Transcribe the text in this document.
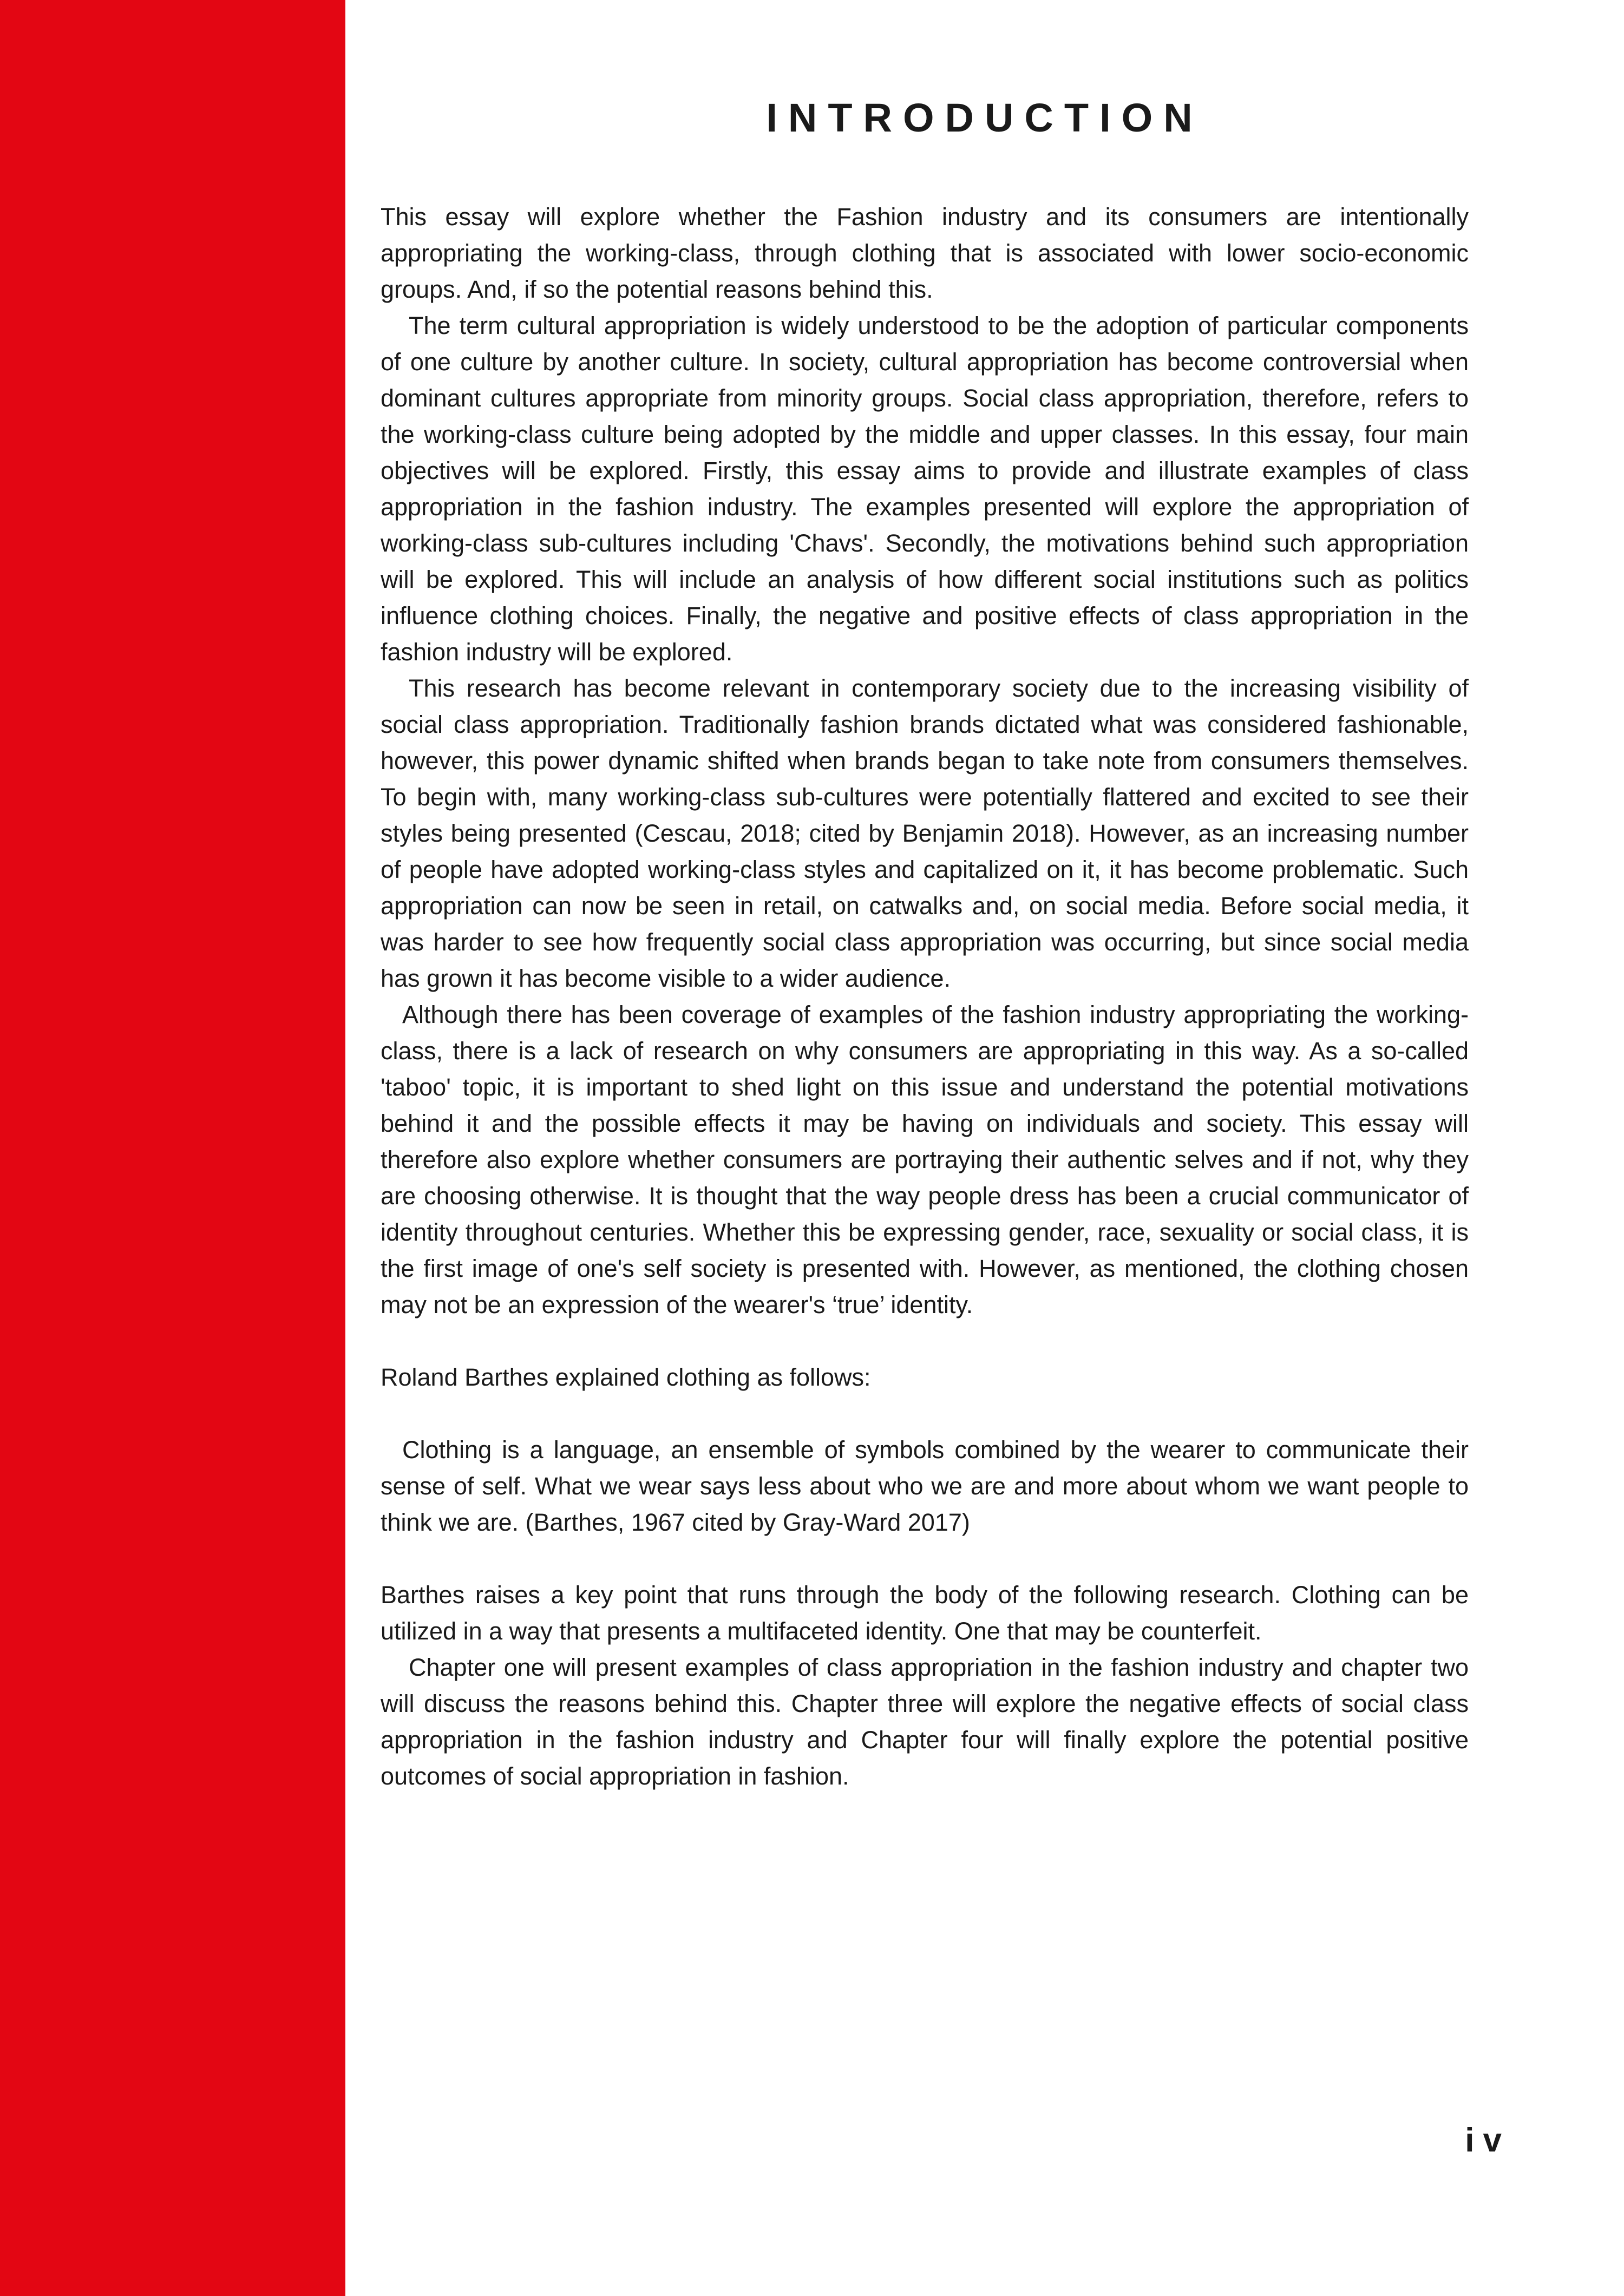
INTRODUCTION

This essay will explore whether the Fashion industry and its consumers are intentionally appropriating the working-class, through clothing that is associated with lower socio-economic groups. And, if so the potential reasons behind this.

The term cultural appropriation is widely understood to be the adoption of particular components of one culture by another culture. In society, cultural appropriation has become controversial when dominant cultures appropriate from minority groups. Social class appropriation, therefore, refers to the working-class culture being adopted by the middle and upper classes. In this essay, four main objectives will be explored. Firstly, this essay aims to provide and illustrate examples of class appropriation in the fashion industry. The examples presented will explore the appropriation of working-class sub-cultures including 'Chavs'. Secondly, the motivations behind such appropriation will be explored. This will include an analysis of how different social institutions such as politics influence clothing choices. Finally, the negative and positive effects of class appropriation in the fashion industry will be explored.

This research has become relevant in contemporary society due to the increasing visibility of social class appropriation. Traditionally fashion brands dictated what was considered fashionable, however, this power dynamic shifted when brands began to take note from consumers themselves. To begin with, many working-class sub-cultures were potentially flattered and excited to see their styles being presented (Cescau, 2018; cited by Benjamin 2018). However, as an increasing number of people have adopted working-class styles and capitalized on it, it has become problematic. Such appropriation can now be seen in retail, on catwalks and, on social media. Before social media, it was harder to see how frequently social class appropriation was occurring, but since social media has grown it has become visible to a wider audience.

Although there has been coverage of examples of the fashion industry appropriating the working-class, there is a lack of research on why consumers are appropriating in this way. As a so-called 'taboo' topic, it is important to shed light on this issue and understand the potential motivations behind it and the possible effects it may be having on individuals and society. This essay will therefore also explore whether consumers are portraying their authentic selves and if not, why they are choosing otherwise. It is thought that the way people dress has been a crucial communicator of identity throughout centuries. Whether this be expressing gender, race, sexuality or social class, it is the first image of one's self society is presented with. However, as mentioned, the clothing chosen may not be an expression of the wearer's ‘true’ identity.

Roland Barthes explained clothing as follows:

Clothing is a language, an ensemble of symbols combined by the wearer to communicate their sense of self. What we wear says less about who we are and more about whom we want people to think we are. (Barthes, 1967 cited by Gray-Ward 2017)

Barthes raises a key point that runs through the body of the following research. Clothing can be utilized in a way that presents a multifaceted identity. One that may be counterfeit.

Chapter one will present examples of class appropriation in the fashion industry and chapter two will discuss the reasons behind this. Chapter three will explore the negative effects of social class appropriation in the fashion industry and Chapter four will finally explore the potential positive outcomes of social appropriation in fashion.

iv
